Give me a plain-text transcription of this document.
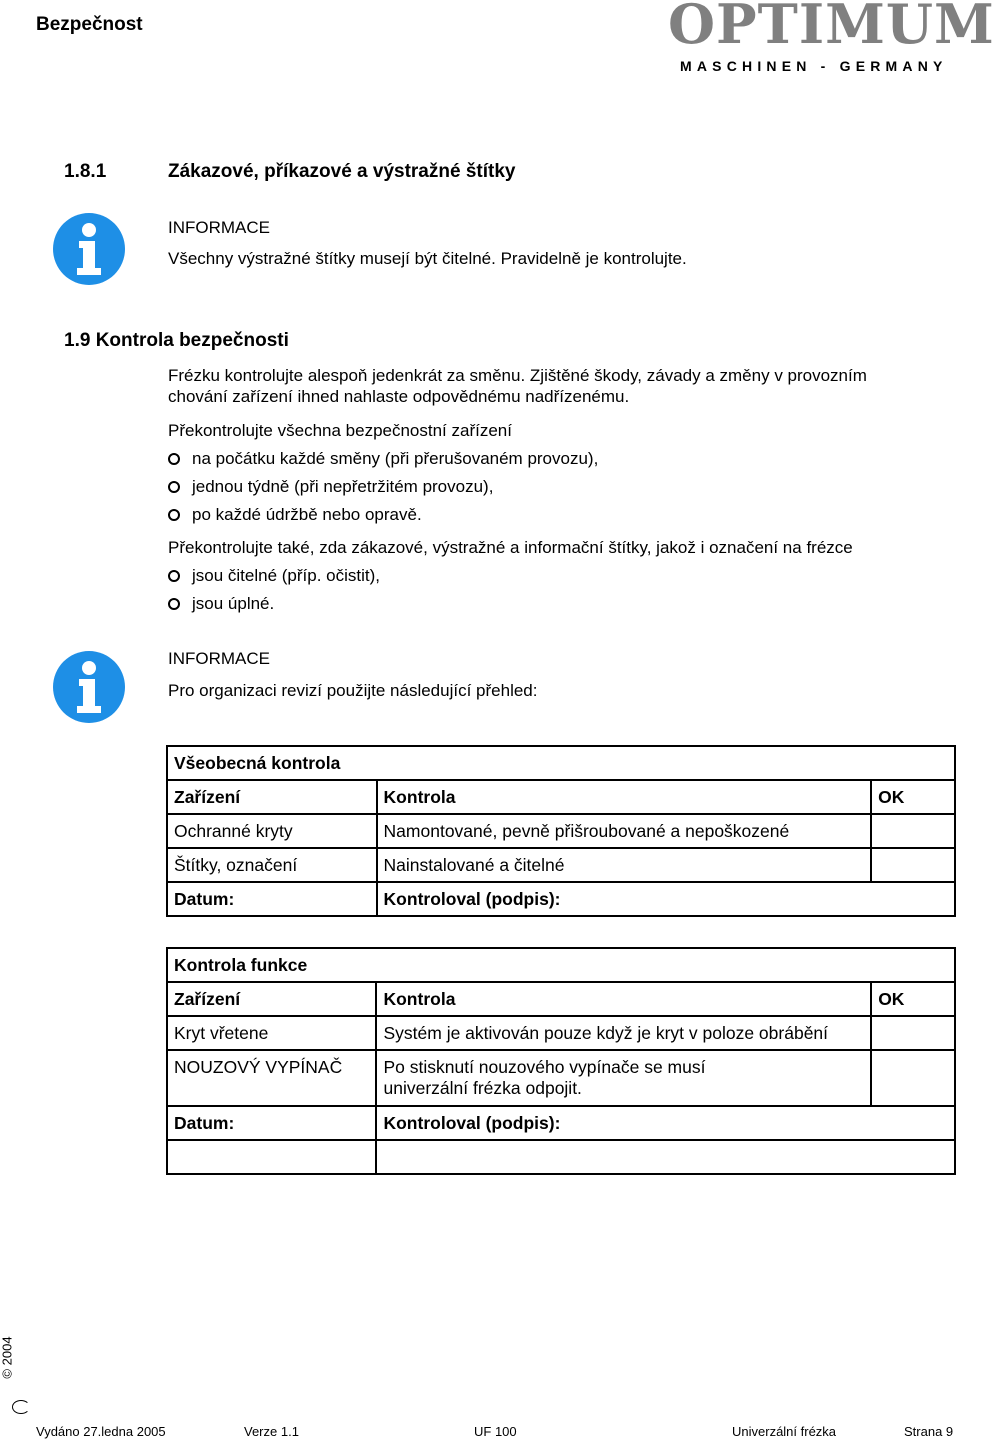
Bezpečnost	OPTIMUM
MASCHINEN - GERMANY
1.8.1	Zákazové, příkazové a výstražné štítky
INFORMACE
Všechny výstražné štítky musejí být čitelné. Pravidelně je kontrolujte.
1.9 Kontrola bezpečnosti
Frézku kontrolujte alespoň jedenkrát za směnu. Zjištěné škody, závady a změny v provozním
chování zařízení ihned nahlaste odpovědnému nadřízenému.
Překontrolujte všechna bezpečnostní zařízení
na počátku každé směny (při přerušovaném provozu),
jednou týdně (při nepřetržitém provozu),
po každé údržbě nebo opravě.
Překontrolujte také, zda zákazové, výstražné a informační štítky, jakož i označení na frézce
jsou čitelné (příp. očistit),
jsou úplné.
INFORMACE
Pro organizaci revizí použijte následující přehled:
Všeobecná kontrola		
Zařízení	Kontrola	OK
Ochranné kryty	Namontované, pevně přišroubované a nepoškozené	
Štítky, označení	Nainstalované a čitelné	
Datum:	Kontroloval (podpis):	
Kontrola funkce		
Zařízení	Kontrola	OK
Kryt vřetene	Systém je aktivován pouze když je kryt v poloze obrábění	
NOUZOVÝ VYPÍNAČ	Po stisknutí nouzového vypínače se musí univerzální frézka odpojit.	
Datum:	Kontroloval (podpis):	

© 2004
Vydáno 27.ledna 2005	Verze 1.1	UF 100	Univerzální frézka	Strana 9
